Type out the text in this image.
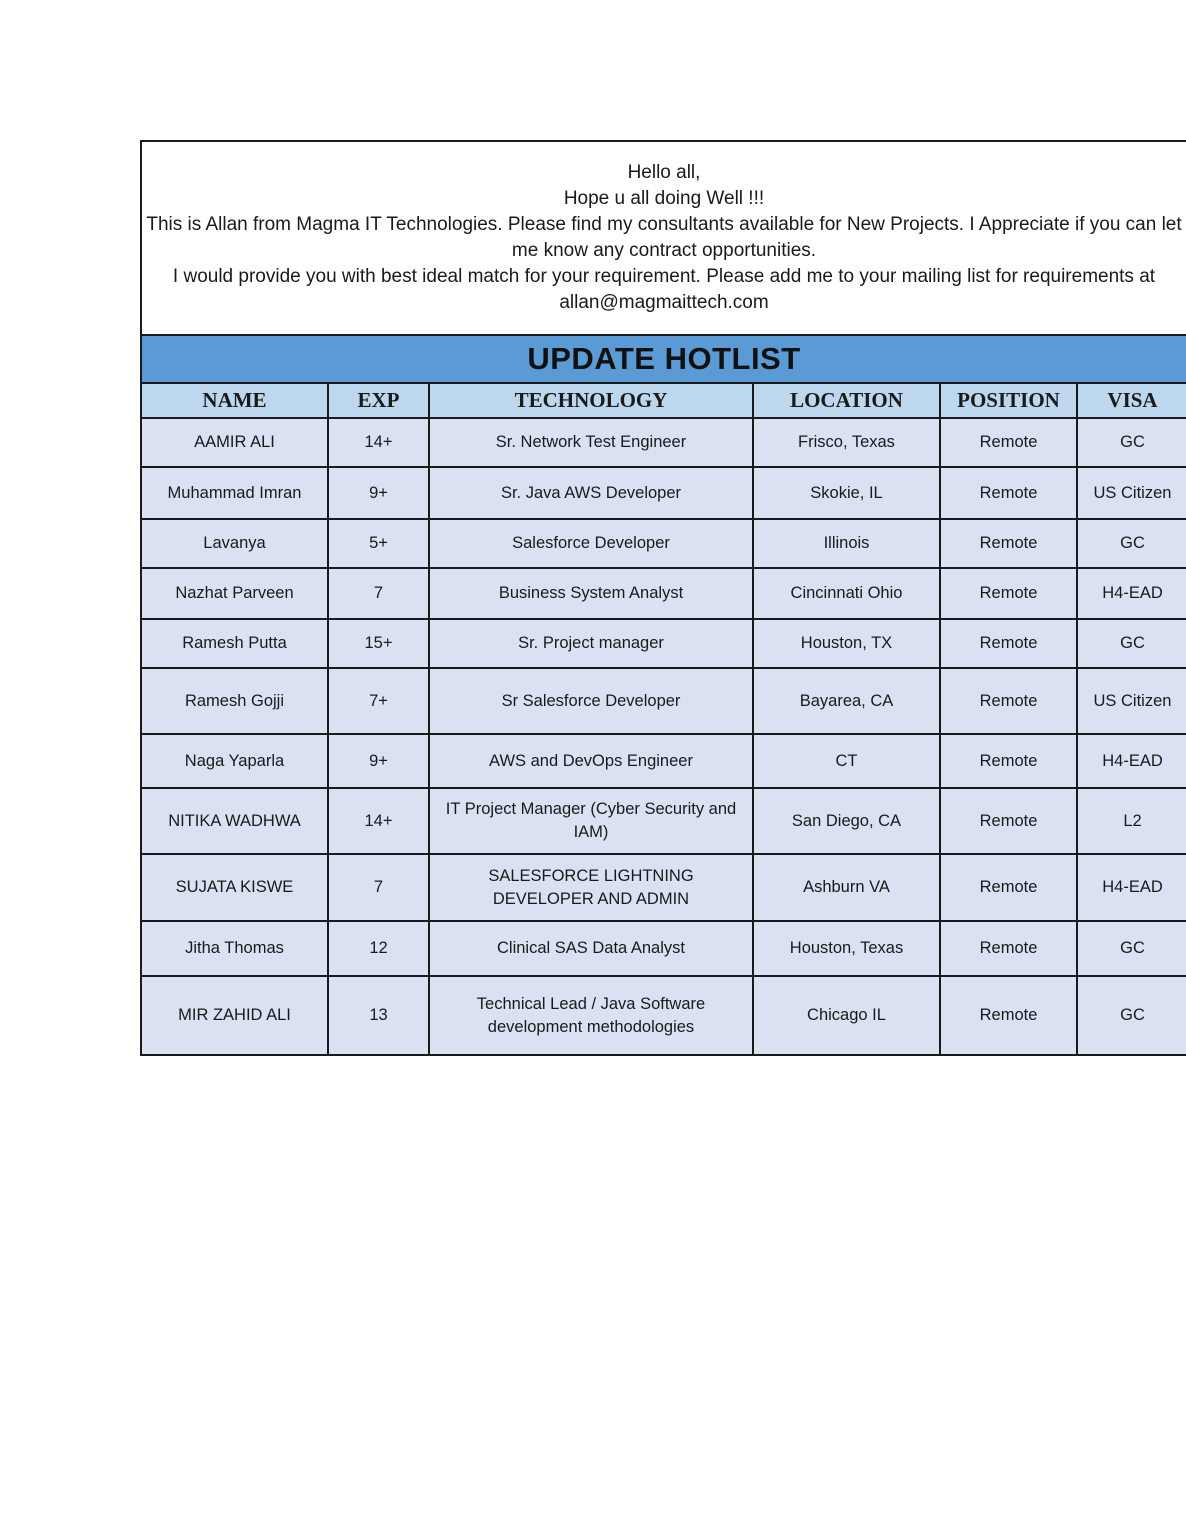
Hello all,
Hope u all doing Well !!!
This is Allan from Magma IT Technologies. Please find my consultants available for New Projects. I Appreciate if you can let me know any contract opportunities.
I would provide you with best ideal match for your requirement. Please add me to your mailing list for requirements at allan@magmaittech.com
UPDATE HOTLIST
NAME	EXP	TECHNOLOGY	LOCATION	POSITION	VISA
AAMIR ALI	14+	Sr. Network Test Engineer	Frisco, Texas	Remote	GC
Muhammad Imran	9+	Sr. Java AWS Developer	Skokie, IL	Remote	US Citizen
Lavanya	5+	Salesforce Developer	Illinois	Remote	GC
Nazhat Parveen	7	Business System Analyst	Cincinnati Ohio	Remote	H4-EAD
Ramesh Putta	15+	Sr. Project manager	Houston, TX	Remote	GC
Ramesh Gojji	7+	Sr Salesforce Developer	Bayarea, CA	Remote	US Citizen
Naga Yaparla	9+	AWS and DevOps Engineer	CT	Remote	H4-EAD
NITIKA WADHWA	14+	IT Project Manager (Cyber Security and IAM)	San Diego, CA	Remote	L2
SUJATA KISWE	7	SALESFORCE LIGHTNING DEVELOPER AND ADMIN	Ashburn VA	Remote	H4-EAD
Jitha Thomas	12	Clinical SAS Data Analyst	Houston, Texas	Remote	GC
MIR ZAHID ALI	13	Technical Lead / Java Software development methodologies	Chicago IL	Remote	GC
